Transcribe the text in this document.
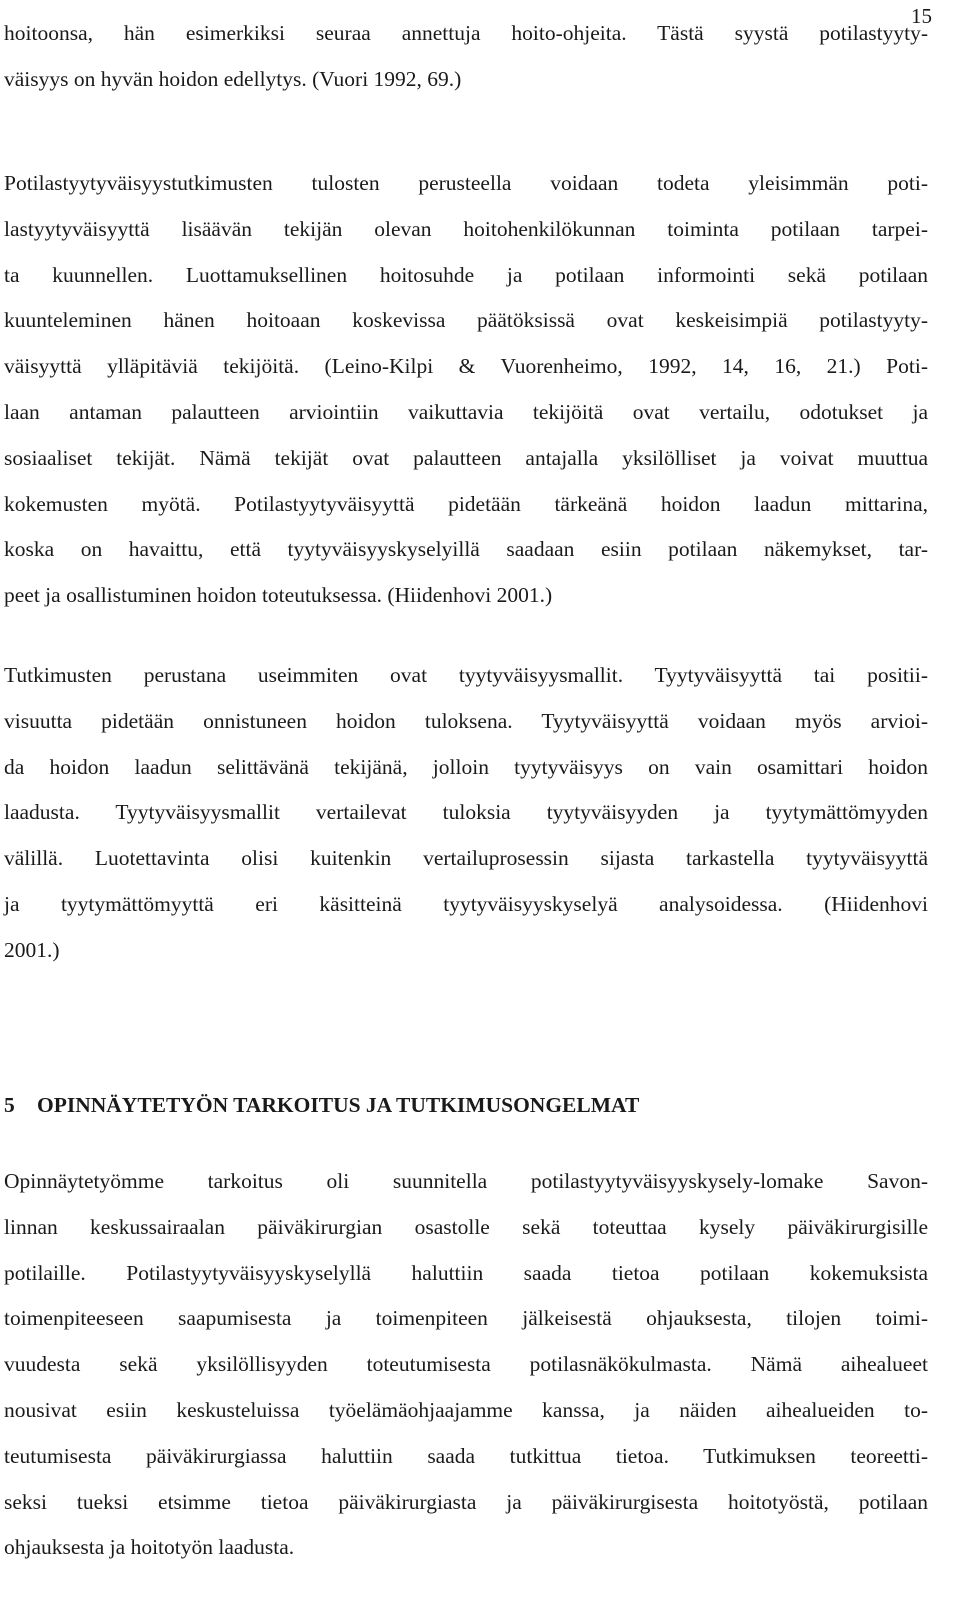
15
hoitoonsa, hän esimerkiksi seuraa annettuja hoito-ohjeita. Tästä syystä potilastyyty-
väisyys on hyvän hoidon edellytys. (Vuori 1992, 69.)
Potilastyytyväisyystutkimusten tulosten perusteella voidaan todeta yleisimmän poti-
lastyytyväisyyttä lisäävän tekijän olevan hoitohenkilökunnan toiminta potilaan tarpei-
ta kuunnellen. Luottamuksellinen hoitosuhde ja potilaan informointi sekä potilaan
kuunteleminen hänen hoitoaan koskevissa päätöksissä ovat keskeisimpiä potilastyyty-
väisyyttä ylläpitäviä tekijöitä. (Leino-Kilpi & Vuorenheimo, 1992, 14, 16, 21.) Poti-
laan antaman palautteen arviointiin vaikuttavia tekijöitä ovat vertailu, odotukset ja
sosiaaliset tekijät. Nämä tekijät ovat palautteen antajalla yksilölliset ja voivat muuttua
kokemusten myötä. Potilastyytyväisyyttä pidetään tärkeänä hoidon laadun mittarina,
koska on havaittu, että tyytyväisyyskyselyillä saadaan esiin potilaan näkemykset, tar-
peet ja osallistuminen hoidon toteutuksessa. (Hiidenhovi 2001.)
Tutkimusten perustana useimmiten ovat tyytyväisyysmallit. Tyytyväisyyttä tai positii-
visuutta pidetään onnistuneen hoidon tuloksena. Tyytyväisyyttä voidaan myös arvioi-
da hoidon laadun selittävänä tekijänä, jolloin tyytyväisyys on vain osamittari hoidon
laadusta. Tyytyväisyysmallit vertailevat tuloksia tyytyväisyyden ja tyytymättömyyden
välillä. Luotettavinta olisi kuitenkin vertailuprosessin sijasta tarkastella tyytyväisyyttä
ja tyytymättömyyttä eri käsitteinä tyytyväisyyskyselyä analysoidessa. (Hiidenhovi
2001.)
5 OPINNÄYTETYÖN TARKOITUS JA TUTKIMUSONGELMAT
Opinnäytetyömme tarkoitus oli suunnitella potilastyytyväisyyskysely-lomake Savon-
linnan keskussairaalan päiväkirurgian osastolle sekä toteuttaa kysely päiväkirurgisille
potilaille. Potilastyytyväisyyskyselyllä haluttiin saada tietoa potilaan kokemuksista
toimenpiteeseen saapumisesta ja toimenpiteen jälkeisestä ohjauksesta, tilojen toimi-
vuudesta sekä yksilöllisyyden toteutumisesta potilasnäkökulmasta. Nämä aihealueet
nousivat esiin keskusteluissa työelämäohjaajamme kanssa, ja näiden aihealueiden to-
teutumisesta päiväkirurgiassa haluttiin saada tutkittua tietoa. Tutkimuksen teoreetti-
seksi tueksi etsimme tietoa päiväkirurgiasta ja päiväkirurgisesta hoitotyöstä, potilaan
ohjauksesta ja hoitotyön laadusta.
